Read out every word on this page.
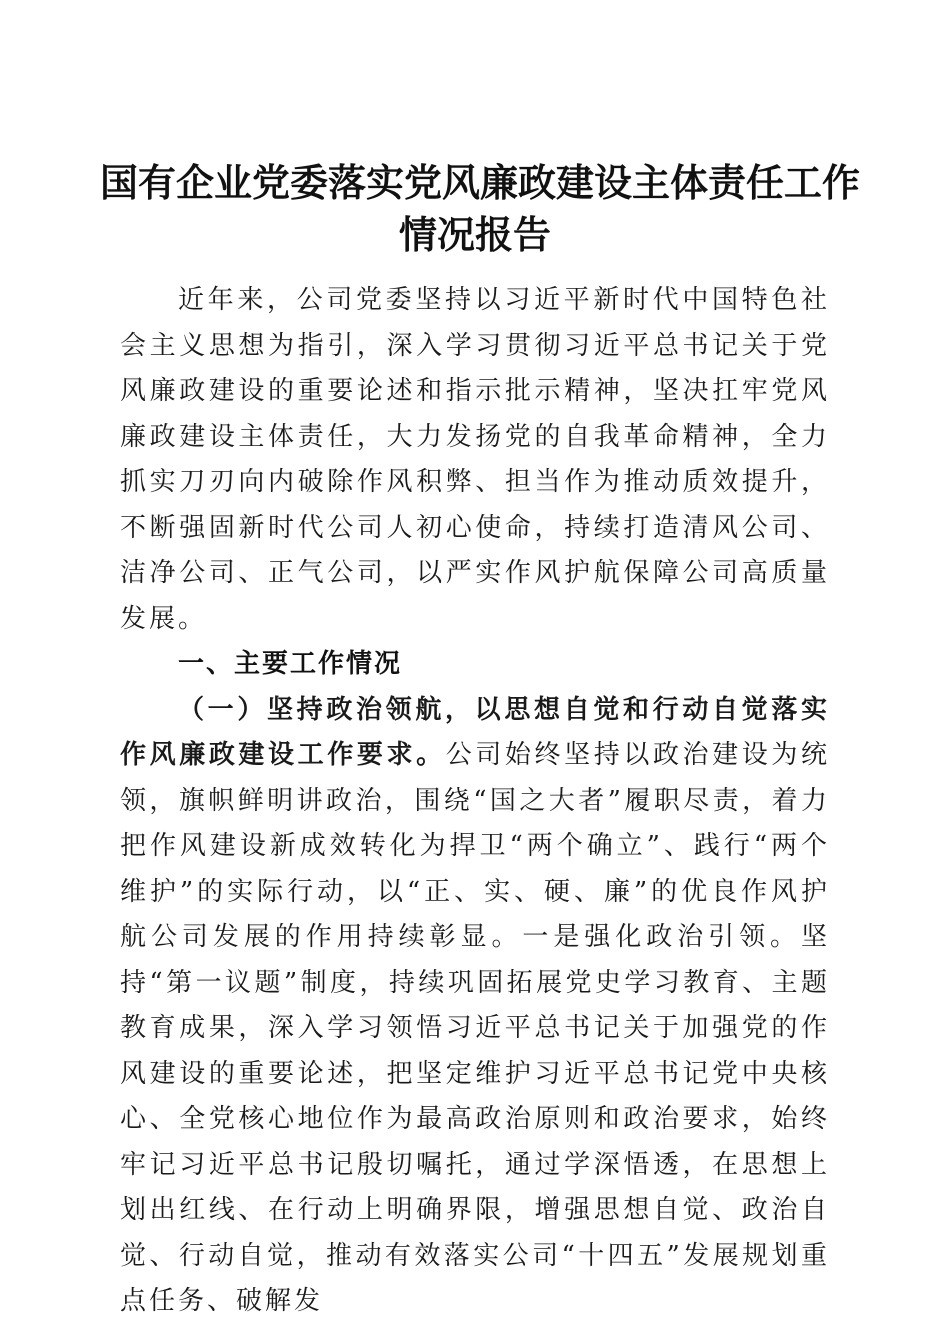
国有企业党委落实党风廉政建设主体责任工作
情况报告

近年来，公司党委坚持以习近平新时代中国特色社会主义思想为指引，深入学习贯彻习近平总书记关于党风廉政建设的重要论述和指示批示精神，坚决扛牢党风廉政建设主体责任，大力发扬党的自我革命精神，全力抓实刀刃向内破除作风积弊、担当作为推动质效提升，不断强固新时代公司人初心使命，持续打造清风公司、洁净公司、正气公司，以严实作风护航保障公司高质量发展。

一、主要工作情况

（一）坚持政治领航，以思想自觉和行动自觉落实作风廉政建设工作要求。公司始终坚持以政治建设为统领，旗帜鲜明讲政治，围绕“国之大者”履职尽责，着力把作风建设新成效转化为捍卫“两个确立”、践行“两个维护”的实际行动，以“正、实、硬、廉”的优良作风护航公司发展的作用持续彰显。一是强化政治引领。坚持“第一议题”制度，持续巩固拓展党史学习教育、主题教育成果，深入学习领悟习近平总书记关于加强党的作风建设的重要论述，把坚定维护习近平总书记党中央核心、全党核心地位作为最高政治原则和政治要求，始终牢记习近平总书记殷切嘱托，通过学深悟透，在思想上划出红线、在行动上明确界限，增强思想自觉、政治自觉、行动自觉，推动有效落实公司“十四五”发展规划重点任务、破解发
